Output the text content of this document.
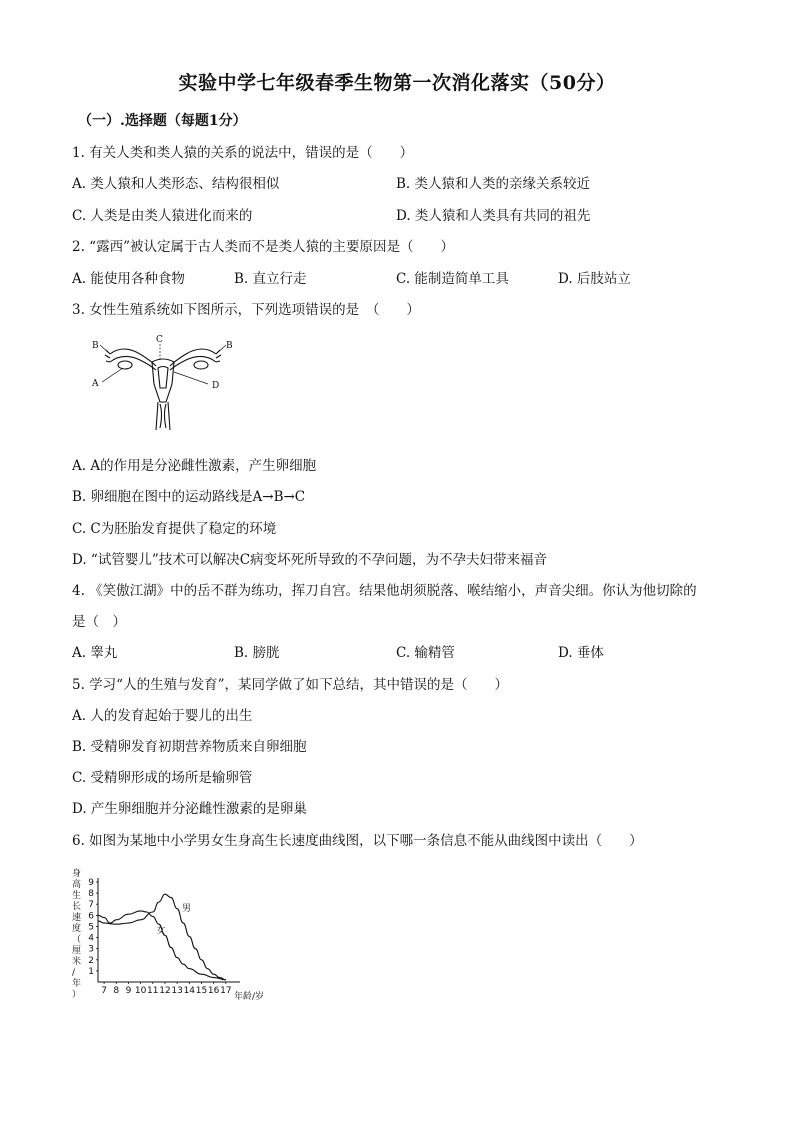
实验中学七年级春季生物第一次消化落实（50分）
（一）.选择题（每题1分）
1. 有关人类和类人猿的关系的说法中，错误的是（　　）
A. 类人猿和人类形态、结构很相似	B. 类人猿和人类的亲缘关系较近
C. 人类是由类人猿进化而来的	D. 类人猿和人类具有共同的祖先
2. “露西”被认定属于古人类而不是类人猿的主要原因是（　　）
A. 能使用各种食物	B. 直立行走	C. 能制造简单工具	D. 后肢站立
3. 女性生殖系统如下图所示，下列选项错误的是　（　　）
B	B
C
A	D
A. A的作用是分泌雌性激素，产生卵细胞
B. 卵细胞在图中的运动路线是A→B→C
C. C为胚胎发育提供了稳定的环境
D. “试管婴儿”技术可以解决C病变坏死所导致的不孕问题，为不孕夫妇带来福音
4. 《笑傲江湖》中的岳不群为练功，挥刀自宫。结果他胡须脱落、喉结缩小，声音尖细。你认为他切除的
是（　）
A. 睾丸	B. 膀胱	C. 输精管	D. 垂体
5. 学习“人的生殖与发育”，某同学做了如下总结，其中错误的是（　　）
A. 人的发育起始于婴儿的出生
B. 受精卵发育初期营养物质来自卵细胞
C. 受精卵形成的场所是输卵管
D. 产生卵细胞并分泌雌性激素的是卵巢
6. 如图为某地中小学男女生身高生长速度曲线图，以下哪一条信息不能从曲线图中读出（　　）
身
高
生
长
速
度
（
厘
米
/
年
） 7 8 9 10 11 12 13 14 15 16 17
1
2
3
4
5
6
7
8
9
男
女
年龄/岁
